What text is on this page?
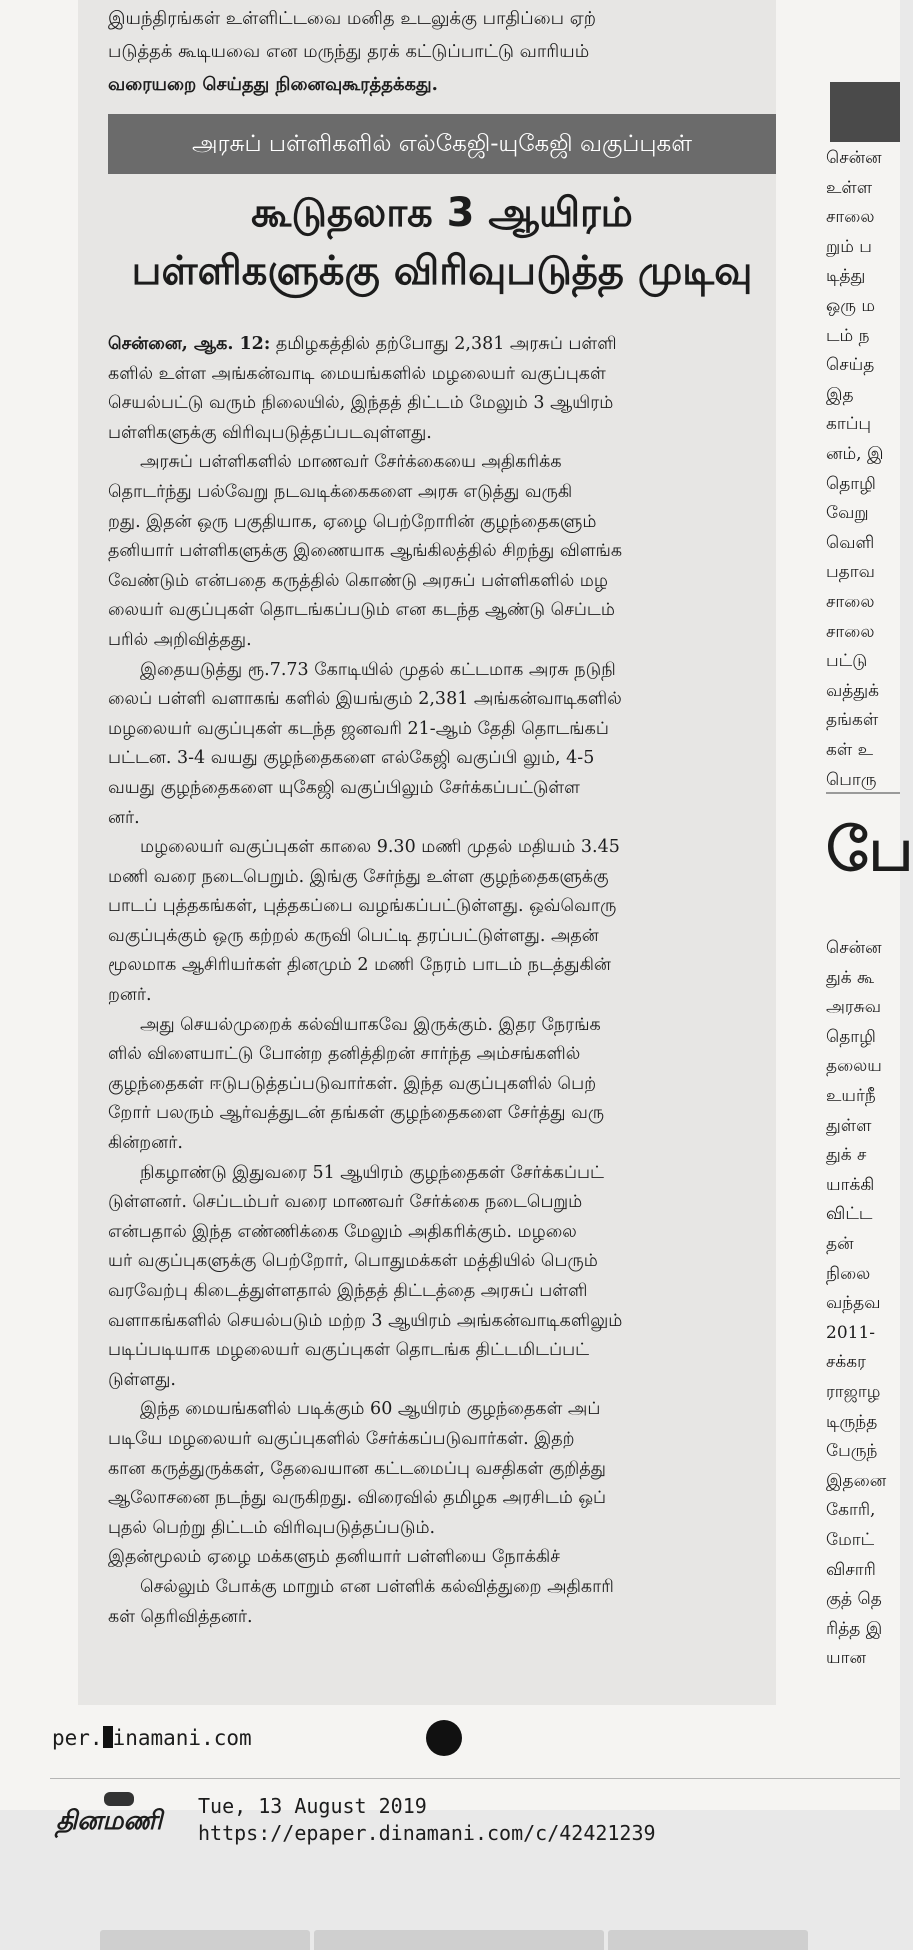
இயந்திரங்கள் உள்ளிட்டவை மனித உடலுக்கு பாதிப்பை ஏற்
படுத்தக் கூடியவை என மருந்து தரக் கட்டுப்பாட்டு வாரியம்
வரையறை செய்தது நினைவுகூரத்தக்கது.
அரசுப் பள்ளிகளில் எல்கேஜி-யுகேஜி வகுப்புகள்
கூடுதலாக 3 ஆயிரம்
பள்ளிகளுக்கு விரிவுபடுத்த முடிவு
சென்னை, ஆக. 12: தமிழகத்தில் தற்போது 2,381 அரசுப் பள்ளி
களில் உள்ள அங்கன்வாடி மையங்களில் மழலையர் வகுப்புகள்
செயல்பட்டு வரும் நிலையில், இந்தத் திட்டம் மேலும் 3 ஆயிரம்
பள்ளிகளுக்கு விரிவுபடுத்தப்படவுள்ளது.
அரசுப் பள்ளிகளில் மாணவர் சேர்க்கையை அதிகரிக்க
தொடர்ந்து பல்வேறு நடவடிக்கைகளை அரசு எடுத்து வருகி
றது. இதன் ஒரு பகுதியாக, ஏழை பெற்றோரின் குழந்தைகளும்
தனியார் பள்ளிகளுக்கு இணையாக ஆங்கிலத்தில் சிறந்து விளங்க
வேண்டும் என்பதை கருத்தில் கொண்டு அரசுப் பள்ளிகளில் மழ
லையர் வகுப்புகள் தொடங்கப்படும் என கடந்த ஆண்டு செப்டம்
பரில் அறிவித்தது.
இதையடுத்து ரூ.7.73 கோடியில் முதல் கட்டமாக அரசு நடுநி
லைப் பள்ளி வளாகங் களில் இயங்கும் 2,381 அங்கன்வாடிகளில்
மழலையர் வகுப்புகள் கடந்த ஜனவரி 21-ஆம் தேதி தொடங்கப்
பட்டன. 3-4 வயது குழந்தைகளை எல்கேஜி வகுப்பி லும், 4-5
வயது குழந்தைகளை யுகேஜி வகுப்பிலும் சேர்க்கப்பட்டுள்ள
னர்.
மழலையர் வகுப்புகள் காலை 9.30 மணி முதல் மதியம் 3.45
மணி வரை நடைபெறும். இங்கு சேர்ந்து உள்ள குழந்தைகளுக்கு
பாடப் புத்தகங்கள், புத்தகப்பை வழங்கப்பட்டுள்ளது. ஒவ்வொரு
வகுப்புக்கும் ஒரு கற்றல் கருவி பெட்டி தரப்பட்டுள்ளது. அதன்
மூலமாக ஆசிரியர்கள் தினமும் 2 மணி நேரம் பாடம் நடத்துகின்
றனர்.
அது செயல்முறைக் கல்வியாகவே இருக்கும். இதர நேரங்க
ளில் விளையாட்டு போன்ற தனித்திறன் சார்ந்த அம்சங்களில்
குழந்தைகள் ஈடுபடுத்தப்படுவார்கள். இந்த வகுப்புகளில் பெற்
றோர் பலரும் ஆர்வத்துடன் தங்கள் குழந்தைகளை சேர்த்து வரு
கின்றனர்.
நிகழாண்டு இதுவரை 51 ஆயிரம் குழந்தைகள் சேர்க்கப்பட்
டுள்ளனர். செப்டம்பர் வரை மாணவர் சேர்க்கை நடைபெறும்
என்பதால் இந்த எண்ணிக்கை மேலும் அதிகரிக்கும். மழலை
யர் வகுப்புகளுக்கு பெற்றோர், பொதுமக்கள் மத்தியில் பெரும்
வரவேற்பு கிடைத்துள்ளதால் இந்தத் திட்டத்தை அரசுப் பள்ளி
வளாகங்களில் செயல்படும் மற்ற 3 ஆயிரம் அங்கன்வாடிகளிலும்
படிப்படியாக மழலையர் வகுப்புகள் தொடங்க திட்டமிடப்பட்
டுள்ளது.
இந்த மையங்களில் படிக்கும் 60 ஆயிரம் குழந்தைகள் அப்
படியே மழலையர் வகுப்புகளில் சேர்க்கப்படுவார்கள். இதற்
கான கருத்துருக்கள், தேவையான கட்டமைப்பு வசதிகள் குறித்து
ஆலோசனை நடந்து வருகிறது. விரைவில் தமிழக அரசிடம் ஒப்
புதல் பெற்று திட்டம் விரிவுபடுத்தப்படும்.
இதன்மூலம் ஏழை மக்களும் தனியார் பள்ளியை நோக்கிச்
செல்லும் போக்கு மாறும் என பள்ளிக் கல்வித்துறை அதிகாரி
கள் தெரிவித்தனர்.
சென்ன
உள்ள
சாலை
றும் ப
டித்து
ஒரு ம
டம் ந
செய்த
இத
காப்பு
னம், இ
தொழி
வேறு
வெளி
பதாவ
சாலை
சாலை
பட்டு
வத்துக்
தங்கள்
கள் உ
பொரு
பே
சென்ன
துக் கூ
அரசுவ
தொழி
தலைய
உயர்நீ
துள்ள
துக் ச
யாக்கி
விட்ட
தன்
நிலை
வந்தவ
2011-
சக்கர
ராஜாழ
டிருந்த
பேருந்
இதனை
கோரி,
மோட்
விசாரி
குத் தெ
ரித்த இ
யான
per. inamani.com
தினமணி Tue, 13 August 2019
https://epaper.dinamani.com/c/42421239
